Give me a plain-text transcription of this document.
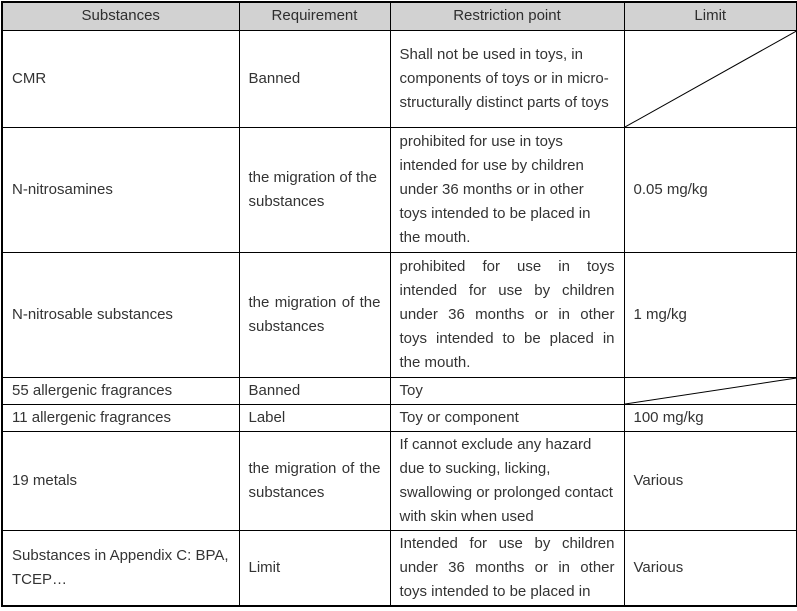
Substances	Requirement	Restriction point	Limit
CMR	Banned	Shall not be used in toys, in components of toys or in micro-structurally distinct parts of toys	

N-nitrosamines	the migration of the substances	prohibited for use in toys intended for use by children under 36 months or in other toys intended to be placed in the mouth.	0.05 mg/kg
N-nitrosable substances	the migration of the substances	prohibited for use in toys intended for use by children under 36 months or in other toys intended to be placed in the mouth.	1 mg/kg
55 allergenic fragrances	Banned	Toy	

11 allergenic fragrances	Label	Toy or component	100 mg/kg
19 metals	the migration of the substances	If cannot exclude any hazard due to sucking, licking, swallowing or prolonged contact with skin when used	Various
Substances in Appendix C: BPA, TCEP…	Limit	Intended for use by children under 36 months or in other toys intended to be placed in	Various
